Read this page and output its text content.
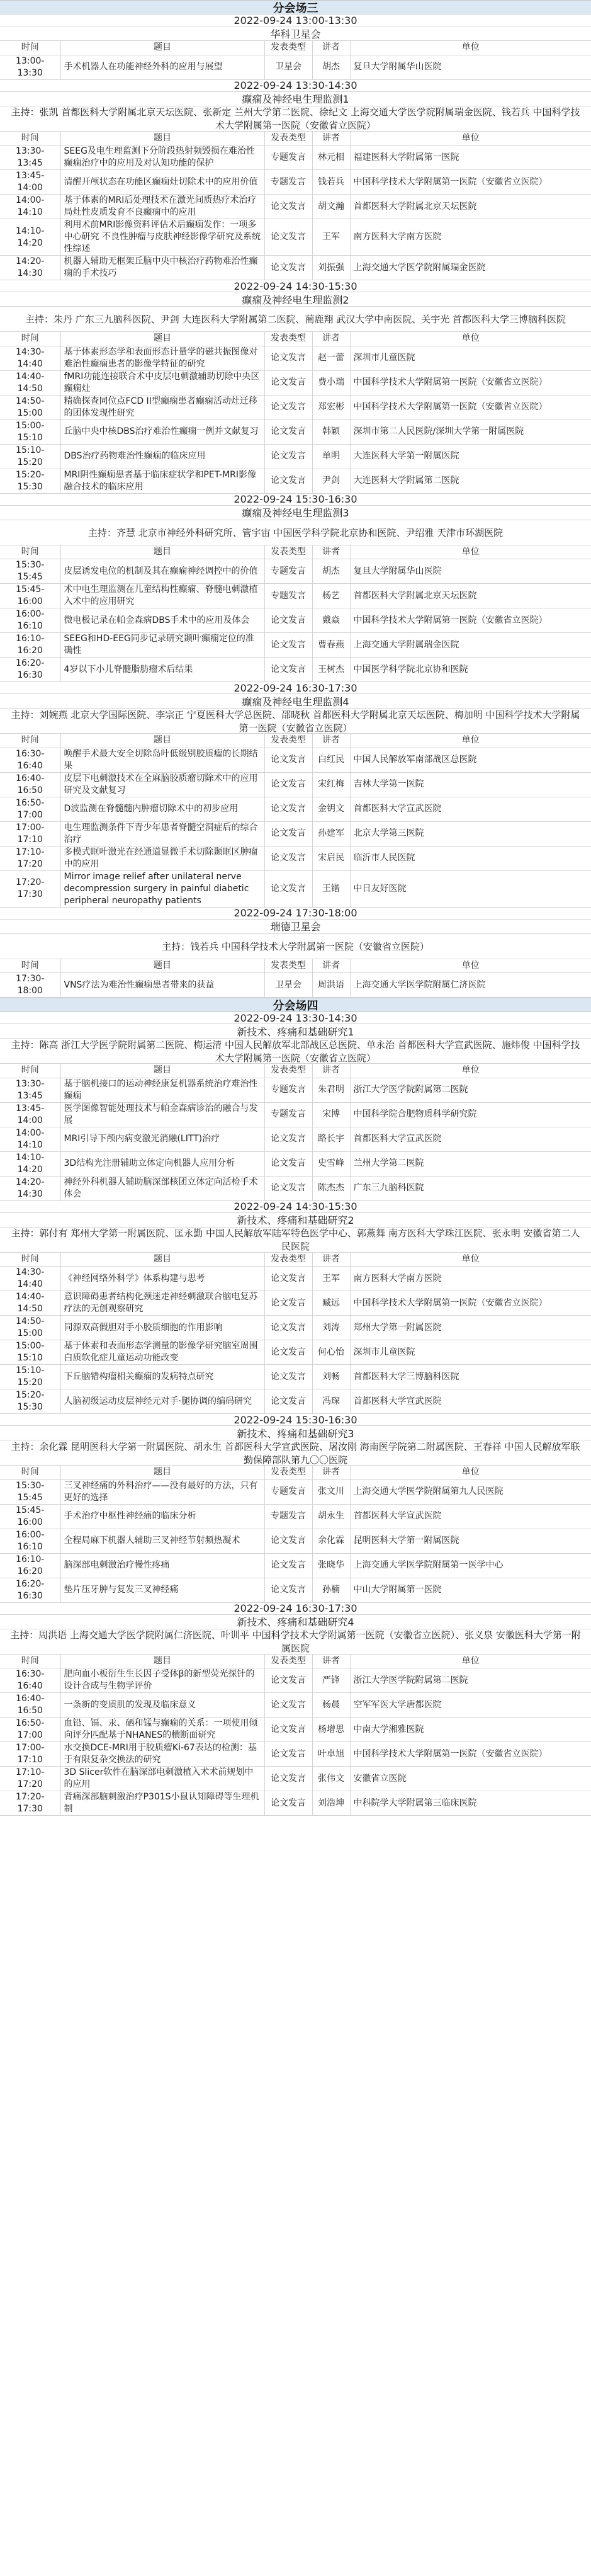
分会场三
2022-09-24 13:00-13:30
华科卫星会
时间	题目	发表类型	讲者	单位
13:00-13:30	手术机器人在功能神经外科的应用与展望	卫星会	胡杰	复旦大学附属华山医院
2022-09-24 13:30-14:30
癫痫及神经电生理监测1
主持：张凯 首都医科大学附属北京天坛医院、张新定 兰州大学第二医院、徐纪文 上海交通大学医学院附属瑞金医院、钱若兵 中国科学技术大学附属第一医院（安徽省立医院）
时间	题目	发表类型	讲者	单位
13:30-13:45	SEEG及电生理监测下分阶段热射频毁损在难治性癫痫治疗中的应用及对认知功能的保护	专题发言	林元相	福建医科大学附属第一医院
13:45-14:00	清醒开颅状态在功能区癫痫灶切除术中的应用价值	专题发言	钱若兵	中国科学技术大学附属第一医院（安徽省立医院）
14:00-14:10	基于体素的MRI后处理技术在激光间质热疗术治疗局灶性皮质发育不良癫痫中的应用	论文发言	胡文瀚	首都医科大学附属北京天坛医院
14:10-14:20	利用术前MRI影像资料评估术后癫痫发作：一项多中心研究 不良性肿瘤与皮肤神经影像学研究及系统性综述	论文发言	王军	南方医科大学南方医院
14:20-14:30	机器人辅助无框架丘脑中央中核治疗药物难治性癫痫的手术技巧	论文发言	刘振强	上海交通大学医学院附属瑞金医院
2022-09-24 14:30-15:30
癫痫及神经电生理监测2
主持：朱丹 广东三九脑科医院、尹剑 大连医科大学附属第二医院、蔺鹿翔 武汉大学中南医院、关宇光 首都医科大学三博脑科医院
时间	题目	发表类型	讲者	单位
14:30-14:40	基于体素形态学和表面形态计量学的磁共振图像对难治性癫痫患者的影像学特征的研究	论文发言	赵一蕾	深圳市儿童医院
14:40-14:50	fMRI功能连接联合术中皮层电刺激辅助切除中央区癫痫灶	论文发言	费小瑞	中国科学技术大学附属第一医院（安徽省立医院）
14:50-15:00	精确探查同位点FCD II型癫痫患者癫痫活动灶迁移的团体发现性研究	论文发言	郑宏彬	中国科学技术大学附属第一医院（安徽省立医院）
15:00-15:10	丘脑中央中核DBS治疗难治性癫痫一例并文献复习	论文发言	韩颖	深圳市第二人民医院/深圳大学第一附属医院
15:10-15:20	DBS治疗药物难治性癫痫的临床应用	论文发言	单明	大连医科大学第一附属医院
15:20-15:30	MRI阴性癫痫患者基于临床症状学和PET-MRI影像融合技术的临床应用	论文发言	尹剑	大连医科大学附属第二医院
2022-09-24 15:30-16:30
癫痫及神经电生理监测3
主持：齐慧 北京市神经外科研究所、管宇宙 中国医学科学院北京协和医院、尹绍雅 天津市环湖医院
时间	题目	发表类型	讲者	单位
15:30-15:45	皮层诱发电位的机制及其在癫痫神经调控中的价值	专题发言	胡杰	复旦大学附属华山医院
15:45-16:00	术中电生理监测在儿童结构性癫痫、脊髓电刺激植入术中的应用研究	专题发言	杨艺	首都医科大学附属北京天坛医院
16:00-16:10	微电极记录在帕金森病DBS手术中的应用及体会	论文发言	戴焱	中国科学技术大学附属第一医院（安徽省立医院）
16:10-16:20	SEEG和HD-EEG同步记录研究颞叶癫痫定位的准确性	论文发言	曹春燕	上海交通大学附属瑞金医院
16:20-16:30	4岁以下小儿脊髓脂肪瘤术后结果	论文发言	王树杰	中国医学科学院北京协和医院
2022-09-24 16:30-17:30
癫痫及神经电生理监测4
主持：刘婉燕 北京大学国际医院、李宗正 宁夏医科大学总医院、邵晓秋 首都医科大学附属北京天坛医院、梅加明 中国科学技术大学附属第一医院（安徽省立医院）
时间	题目	发表类型	讲者	单位
16:30-16:40	唤醒手术最大安全切除岛叶低级别胶质瘤的长期结果	论文发言	白红民	中国人民解放军南部战区总医院
16:40-16:50	皮层下电刺激技术在全麻脑胶质瘤切除术中的应用研究及文献复习	论文发言	宋红梅	吉林大学第一医院
16:50-17:00	D波监测在脊髓髓内肿瘤切除术中的初步应用	论文发言	金钥文	首都医科大学宣武医院
17:00-17:10	电生理监测条件下青少年患者脊髓空洞症后的综合治疗	论文发言	孙建军	北京大学第三医院
17:10-17:20	多模式眶叶激光在经通道显微手术切除颞眶区肿瘤中的应用	论文发言	宋启民	临沂市人民医院
17:20-17:30	Mirror image relief after unilateral nerve decompression surgery in painful diabetic peripheral neuropathy patients	论文发言	王锴	中日友好医院
2022-09-24 17:30-18:00
瑞德卫星会
主持：钱若兵 中国科学技术大学附属第一医院（安徽省立医院）
时间	题目	发表类型	讲者	单位
17:30-18:00	VNS疗法为难治性癫痫患者带来的获益	卫星会	周洪语	上海交通大学医学院附属仁济医院
分会场四
2022-09-24 13:30-14:30
新技术、疼痛和基础研究1
主持：陈高 浙江大学医学院附属第二医院、梅运清 中国人民解放军北部战区总医院、单永治 首都医科大学宣武医院、施炜俊 中国科学技术大学附属第一医院（安徽省立医院）
时间	题目	发表类型	讲者	单位
13:30-13:45	基于脑机接口的运动神经康复机器系统治疗难治性癫痫	专题发言	朱君明	浙江大学医学院附属第二医院
13:45-14:00	医学图像智能处理技术与帕金森病诊治的融合与发展	专题发言	宋博	中国科学院合肥物质科学研究院
14:00-14:10	MRI引导下颅内病变激光消融(LITT)治疗	论文发言	路长宇	首都医科大学宣武医院
14:10-14:20	3D结构光注册辅助立体定向机器人应用分析	论文发言	史雪峰	兰州大学第二医院
14:20-14:30	神经外科机器人辅助脑深部核团立体定向活检手术体会	论文发言	陈杰杰	广东三九脑科医院
2022-09-24 14:30-15:30
新技术、疼痛和基础研究2
主持：郭付有 郑州大学第一附属医院、匡永勤 中国人民解放军陆军特色医学中心、郭燕舞 南方医科大学珠江医院、张永明 安徽省第二人民医院
时间	题目	发表类型	讲者	单位
14:30-14:40	《神经网络外科学》体系构建与思考	论文发言	王军	南方医科大学南方医院
14:40-14:50	意识障碍患者结构化颈迷走神经刺激联合脑电复苏疗法的无创观察研究	论文发言	臧远	中国科学技术大学附属第一医院（安徽省立医院）
14:50-15:00	同源双高假胆对手小胶质细胞的作用影响	论文发言	刘涛	郑州大学第一附属医院
15:00-15:10	基于体素和表面形态学测量的影像学研究脑室周围白质软化症儿童运动功能改变	论文发言	何心怡	深圳市儿童医院
15:10-15:20	下丘脑错构瘤相关癫痫的发病特点研究	论文发言	刘畅	首都医科大学三博脑科医院
15:20-15:30	人脑初级运动皮层神经元对手·腿协调的编码研究	论文发言	冯琛	首都医科大学宣武医院
2022-09-24 15:30-16:30
新技术、疼痛和基础研究3
主持：余化霖 昆明医科大学第一附属医院、胡永生 首都医科大学宣武医院、屠汝刚 海南医学院第二附属医院、王春祥 中国人民解放军联勤保障部队第九〇〇医院
时间	题目	发表类型	讲者	单位
15:30-15:45	三叉神经痛的外科治疗——没有最好的方法，只有更好的选择	专题发言	张文川	上海交通大学医学院附属第九人民医院
15:45-16:00	手术治疗中枢性神经痛的临床分析	专题发言	胡永生	首都医科大学宣武医院
16:00-16:10	全程局麻下机器人辅助三叉神经节射频热凝术	论文发言	余化霖	昆明医科大学第一附属医院
16:10-16:20	脑深部电刺激治疗慢性疼痛	论文发言	张晓华	上海交通大学医学院附属第一医学中心
16:20-16:30	垫片压牙肿与复发三叉神经痛	论文发言	孙楠	中山大学附属第一医院
2022-09-24 16:30-17:30
新技术、疼痛和基础研究4
主持：周洪语 上海交通大学医学院附属仁济医院、叶训平 中国科学技术大学附属第一医院（安徽省立医院）、张义泉 安徽医科大学第一附属医院
时间	题目	发表类型	讲者	单位
16:30-16:40	肥向血小板衍生生长因子受体β的新型荧光探针的设计合成与生物学评价	论文发言	严锋	浙江大学医学院附属第二医院
16:40-16:50	一条新的变质肌的发现及临床意义	论文发言	杨晨	空军军医大学唐都医院
16:50-17:00	血铅、镉、汞、硒和锰与癫痫的关系：一项使用倾向评分匹配基于NHANES的横断面研究	论文发言	杨增思	中南大学湘雅医院
17:00-17:10	水交换DCE-MRI用于胶质瘤Ki-67表达的检测：基于有限复杂交换法的研究	论文发言	叶卓旭	中国科学技术大学附属第一医院（安徽省立医院）
17:10-17:20	3D Slicer软件在脑深部电刺激植入术术前规划中的应用	论文发言	张伟文	安徽省立医院
17:20-17:30	背痛深部脑刺激治疗P301S小鼠认知障碍等生理机制	论文发言	刘浩坤	中科院学大学附属第三临床医院
